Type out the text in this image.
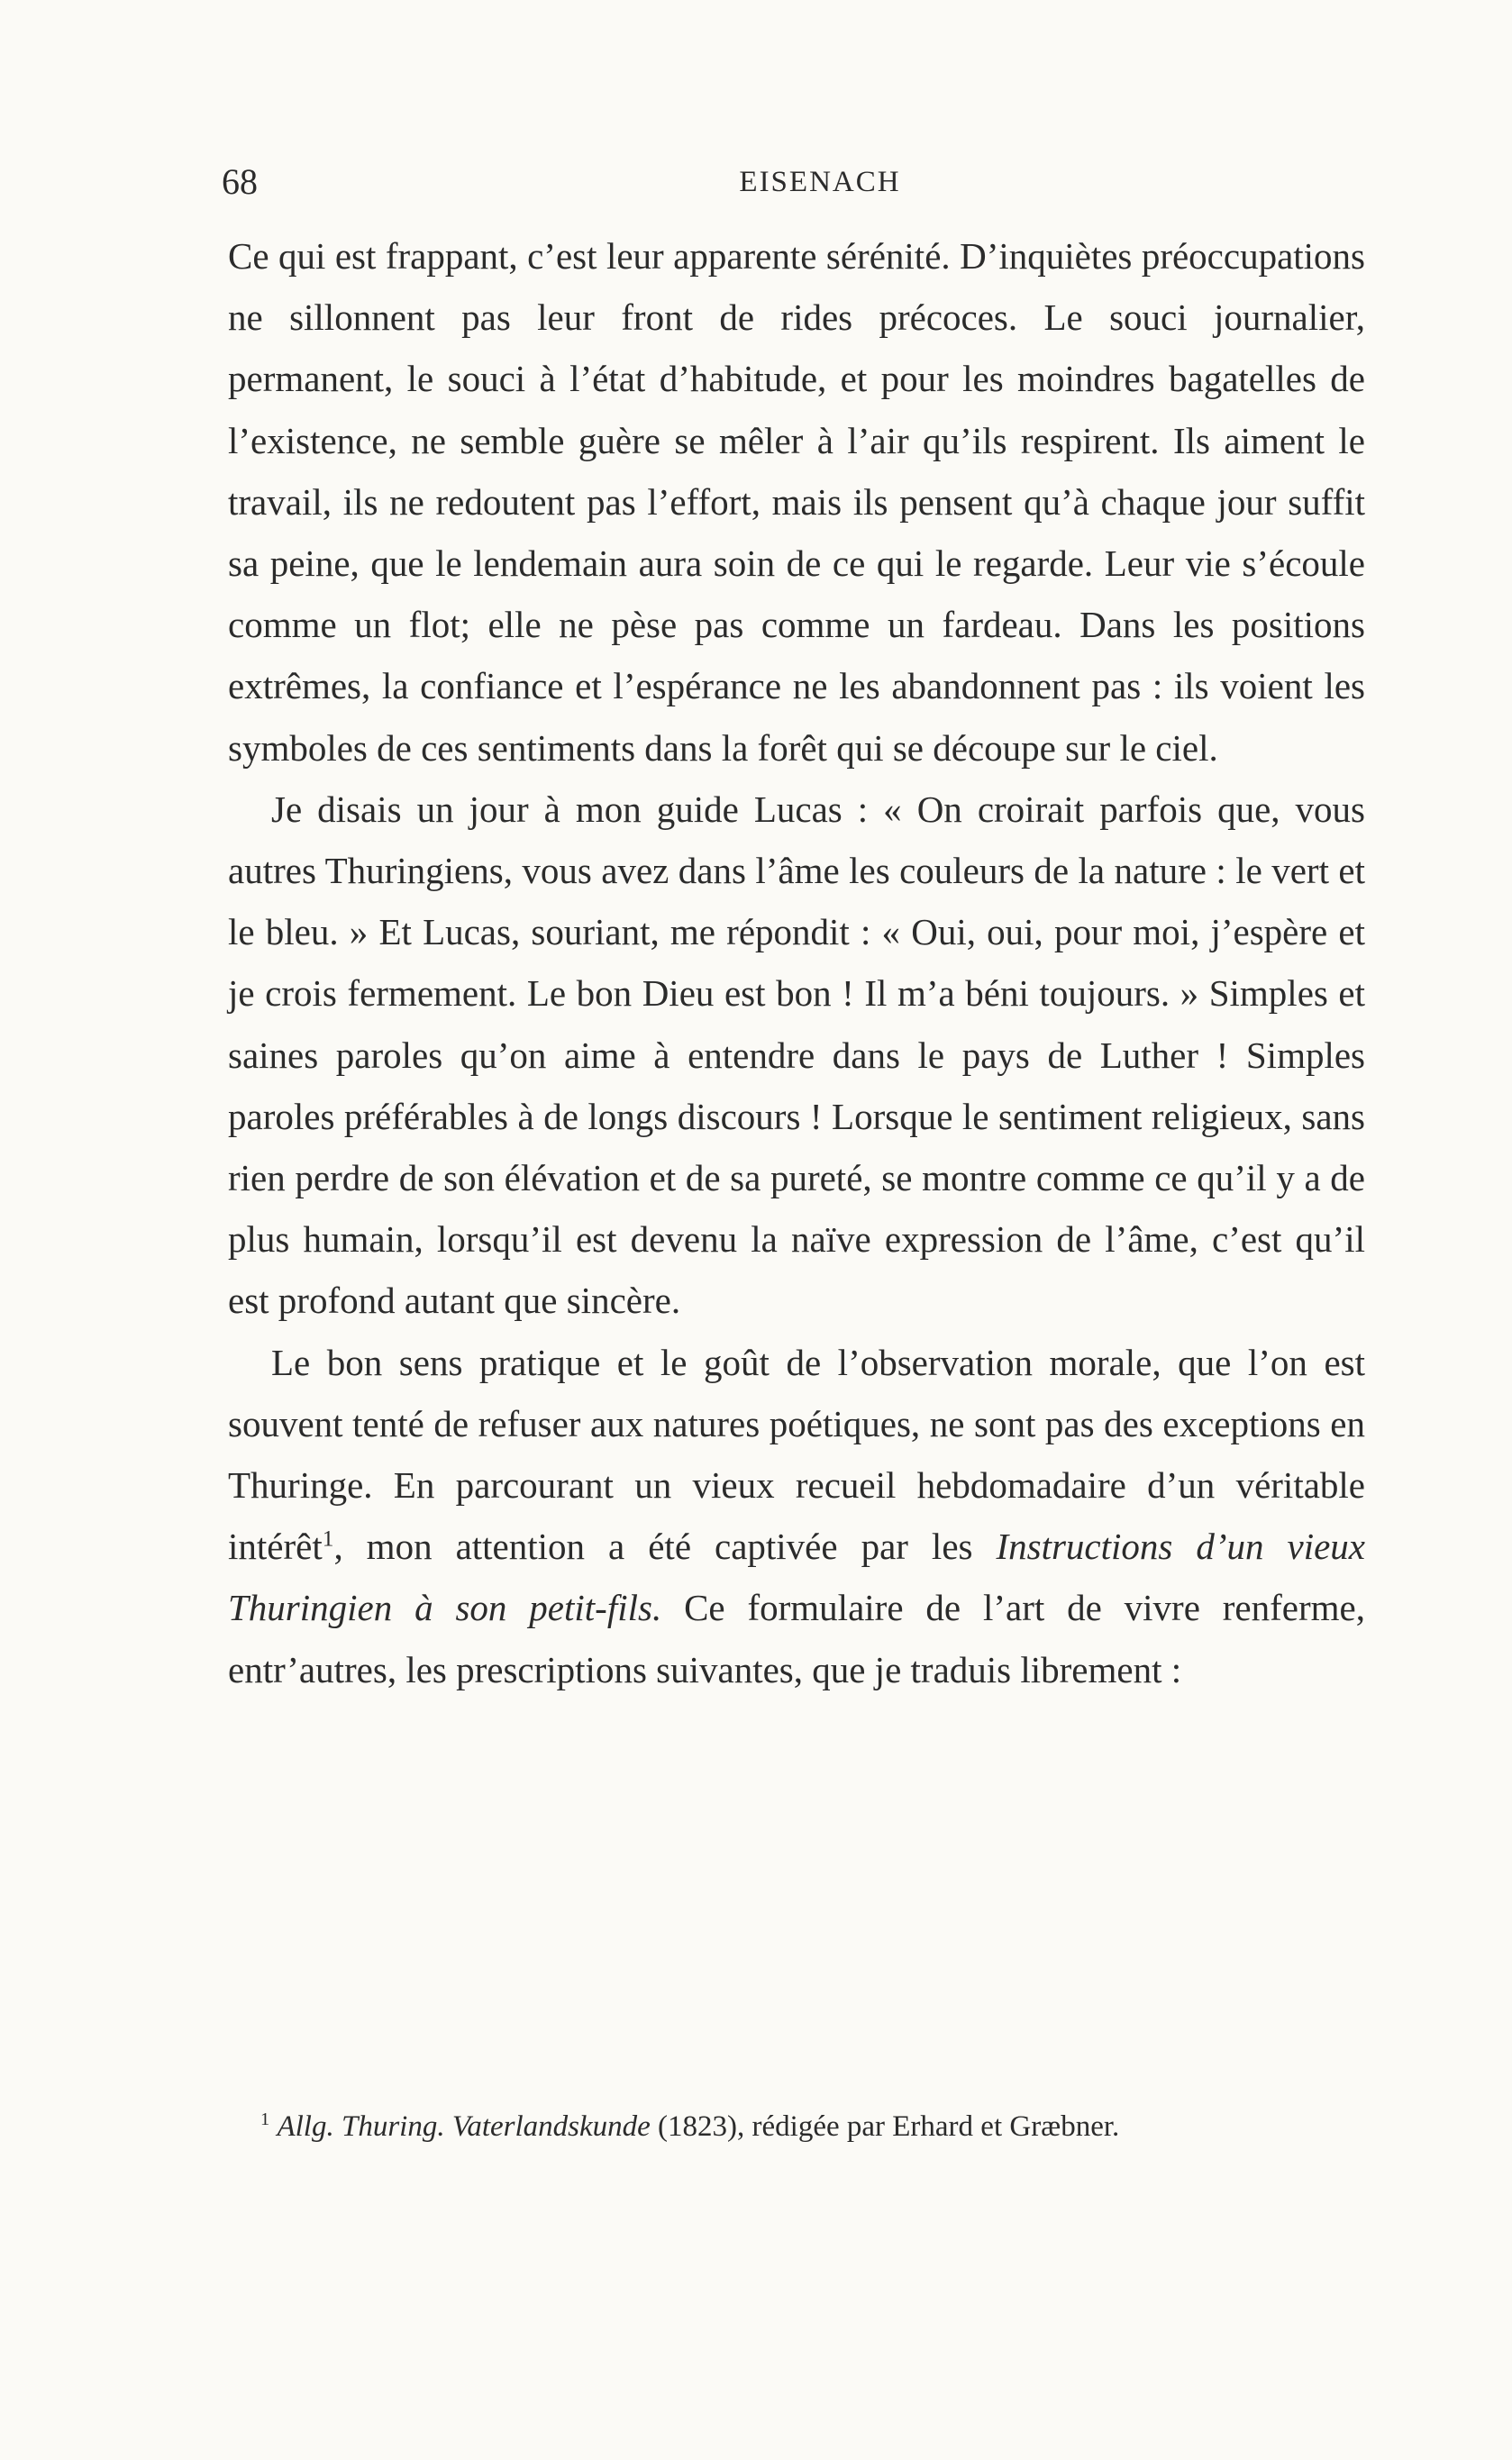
68	EISENACH

Ce qui est frappant, c’est leur apparente sérénité. D’inquiètes préoccupations ne sillonnent pas leur front de rides précoces. Le souci journalier, permanent, le souci à l’état d’habitude, et pour les moindres bagatelles de l’existence, ne semble guère se mêler à l’air qu’ils respirent. Ils aiment le travail, ils ne redoutent pas l’effort, mais ils pensent qu’à chaque jour suffit sa peine, que le lendemain aura soin de ce qui le regarde. Leur vie s’écoule comme un flot; elle ne pèse pas comme un fardeau. Dans les positions extrêmes, la confiance et l’espérance ne les abandonnent pas : ils voient les symboles de ces sentiments dans la forêt qui se découpe sur le ciel.

Je disais un jour à mon guide Lucas : « On croirait parfois que, vous autres Thuringiens, vous avez dans l’âme les couleurs de la nature : le vert et le bleu. » Et Lucas, souriant, me répondit : « Oui, oui, pour moi, j’espère et je crois fermement. Le bon Dieu est bon ! Il m’a béni toujours. » Simples et saines paroles qu’on aime à entendre dans le pays de Luther ! Simples paroles préférables à de longs discours ! Lorsque le sentiment religieux, sans rien perdre de son élévation et de sa pureté, se montre comme ce qu’il y a de plus humain, lorsqu’il est devenu la naïve expression de l’âme, c’est qu’il est profond autant que sincère.

Le bon sens pratique et le goût de l’observation morale, que l’on est souvent tenté de refuser aux natures poétiques, ne sont pas des exceptions en Thuringe. En parcourant un vieux recueil hebdomadaire d’un véritable intérêt$^1$, mon attention a été captivée par les Instructions d’un vieux Thuringien à son petit-fils. Ce formulaire de l’art de vivre renferme, entr’autres, les prescriptions suivantes, que je traduis librement :

$^1$ Allg. Thuring. Vaterlandskunde (1823), rédigée par Erhard et Græbner.
